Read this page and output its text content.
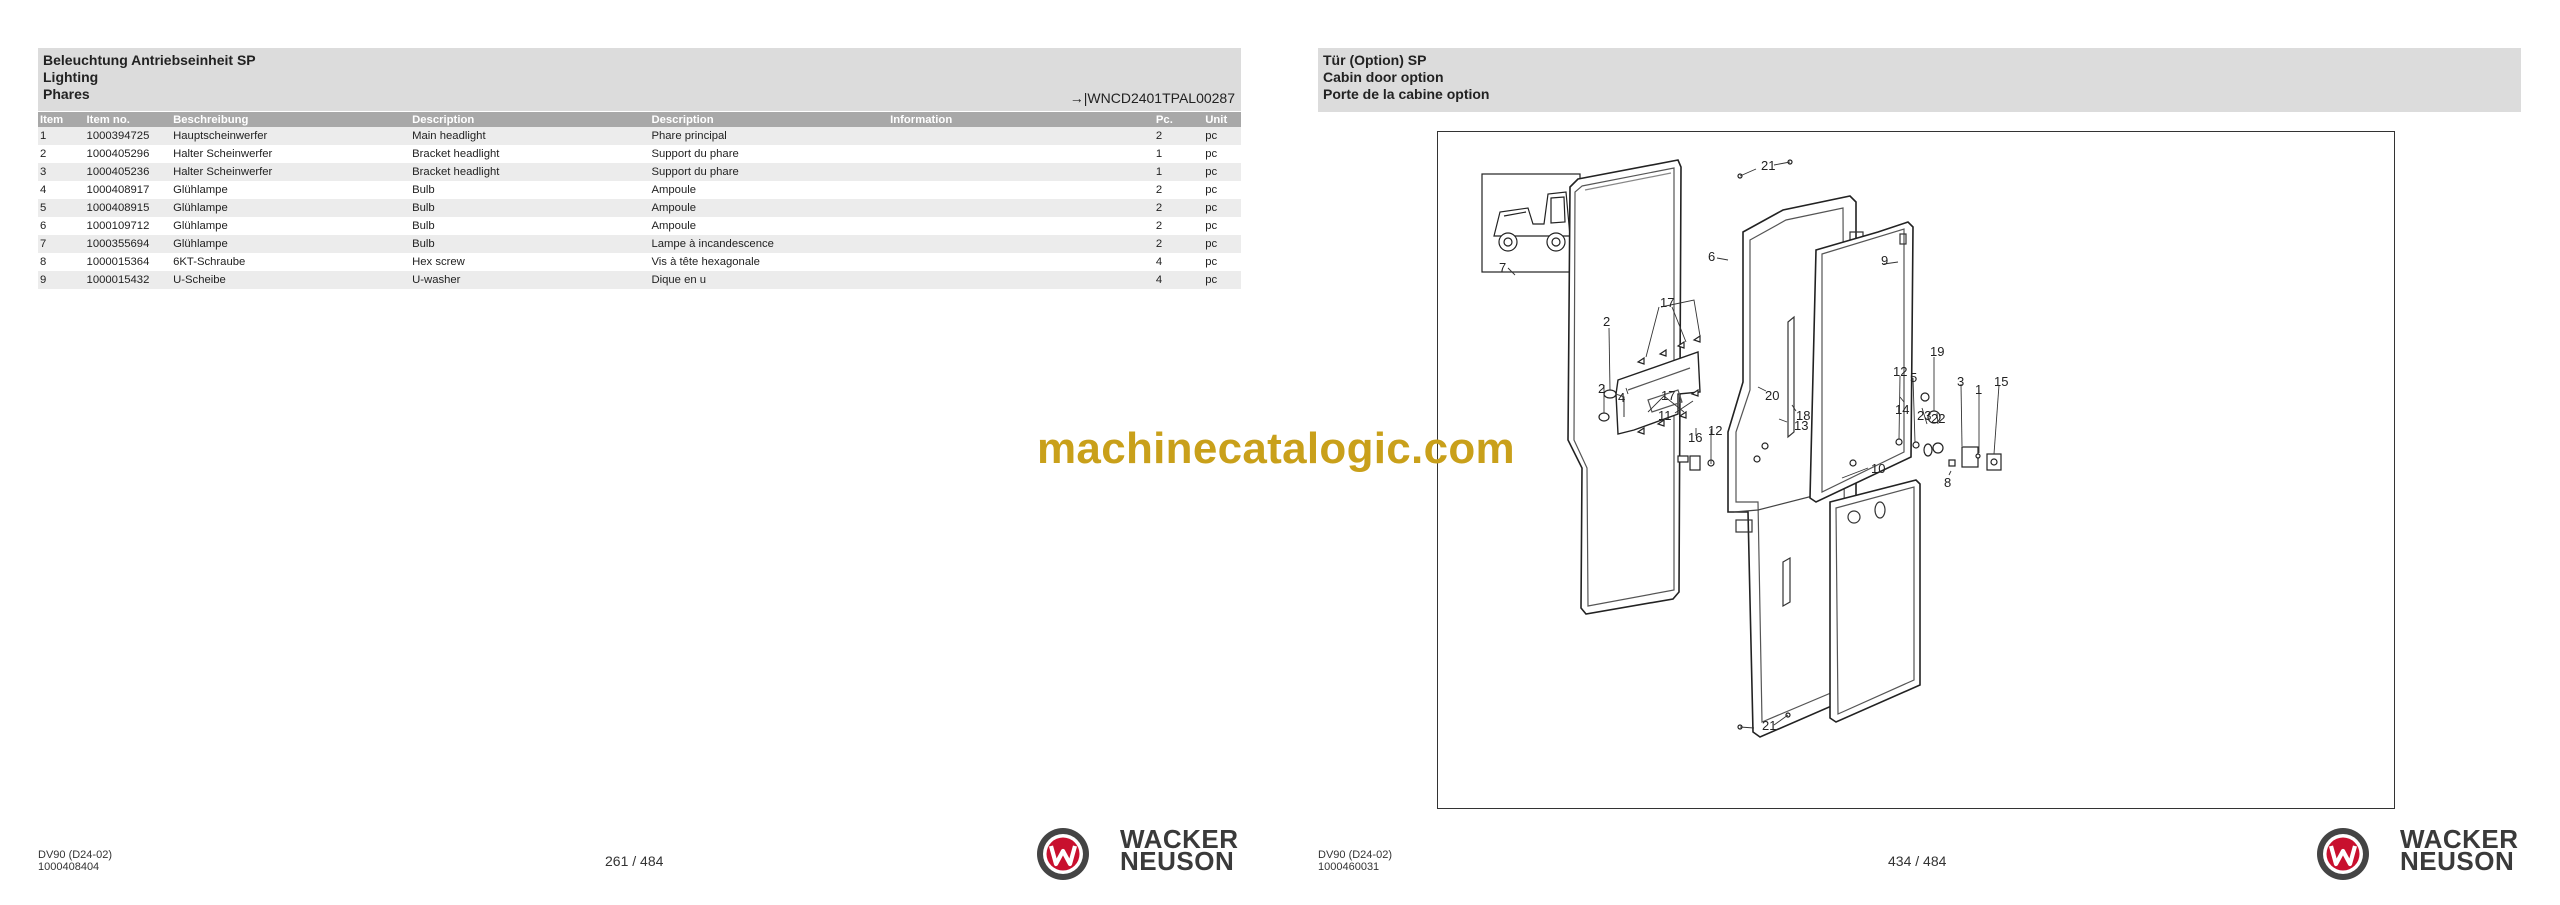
Beleuchtung Antriebseinheit SP
Lighting
Phares	→|WNCD2401TPAL00287
Item	Item no.	Beschreibung	Description	Description	Information	Pc.	Unit
1	1000394725	Hauptscheinwerfer	Main headlight	Phare principal		2	pc
2	1000405296	Halter Scheinwerfer	Bracket headlight	Support du phare		1	pc
3	1000405236	Halter Scheinwerfer	Bracket headlight	Support du phare		1	pc
4	1000408917	Glühlampe	Bulb	Ampoule		2	pc
5	1000408915	Glühlampe	Bulb	Ampoule		2	pc
6	1000109712	Glühlampe	Bulb	Ampoule		2	pc
7	1000355694	Glühlampe	Bulb	Lampe à incandescence		2	pc
8	1000015364	6KT-Schraube	Hex screw	Vis à tête hexagonale		4	pc
9	1000015432	U-Scheibe	U-washer	Dique en u		4	pc
DV90 (D24-02)
1000408404	261 / 484
WACKER
NEUSON
Tür (Option) SP
Cabin door option
Porte de la cabine option
21
7
6	9
17
2
2
4	17
11
16 12
20
18
13
19
12 5
14 23 22
3
1
15
8
10
21
DV90 (D24-02)
1000460031	434 / 484
WACKER
NEUSON
machinecatalogic.com
